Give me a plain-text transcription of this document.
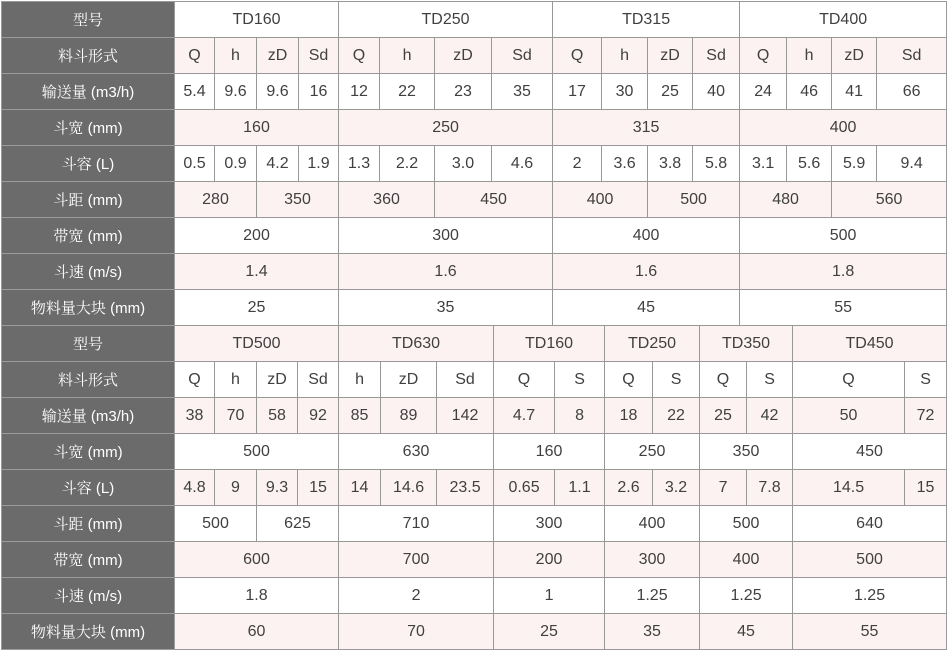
型号	TD160				TD250				TD315				TD400			
料斗形式	Q	h	zD	Sd	Q	h	zD	Sd	Q	h	zD	Sd	Q	h	zD	Sd
输送量 (m3/h)	5.4	9.6	9.6	16	12	22	23	35	17	30	25	40	24	46	41	66
斗宽 (mm)	160				250				315				400			
斗容 (L)	0.5	0.9	4.2	1.9	1.3	2.2	3.0	4.6	2	3.6	3.8	5.8	3.1	5.6	5.9	9.4
斗距 (mm)	280		350		360		450		400		500		480		560	
带宽 (mm)	200				300				400				500			
斗速 (m/s)	1.4				1.6				1.6				1.8			
物料量大块 (mm)	25				35				45				55			
型号	TD500				TD630			TD160		TD250		TD350		TD450	
料斗形式	Q	h	zD	Sd	h	zD	Sd	Q	S	Q	S	Q	S	Q	S
输送量 (m3/h)	38	70	58	92	85	89	142	4.7	8	18	22	25	42	50	72
斗宽 (mm)	500				630			160		250		350		450	
斗容 (L)	4.8	9	9.3	15	14	14.6	23.5	0.65	1.1	2.6	3.2	7	7.8	14.5	15
斗距 (mm)	500		625		710			300		400		500		640	
带宽 (mm)	600				700			200		300		400		500	
斗速 (m/s)	1.8				2			1		1.25		1.25		1.25	
物料量大块 (mm)	60				70			25		35		45		55	
